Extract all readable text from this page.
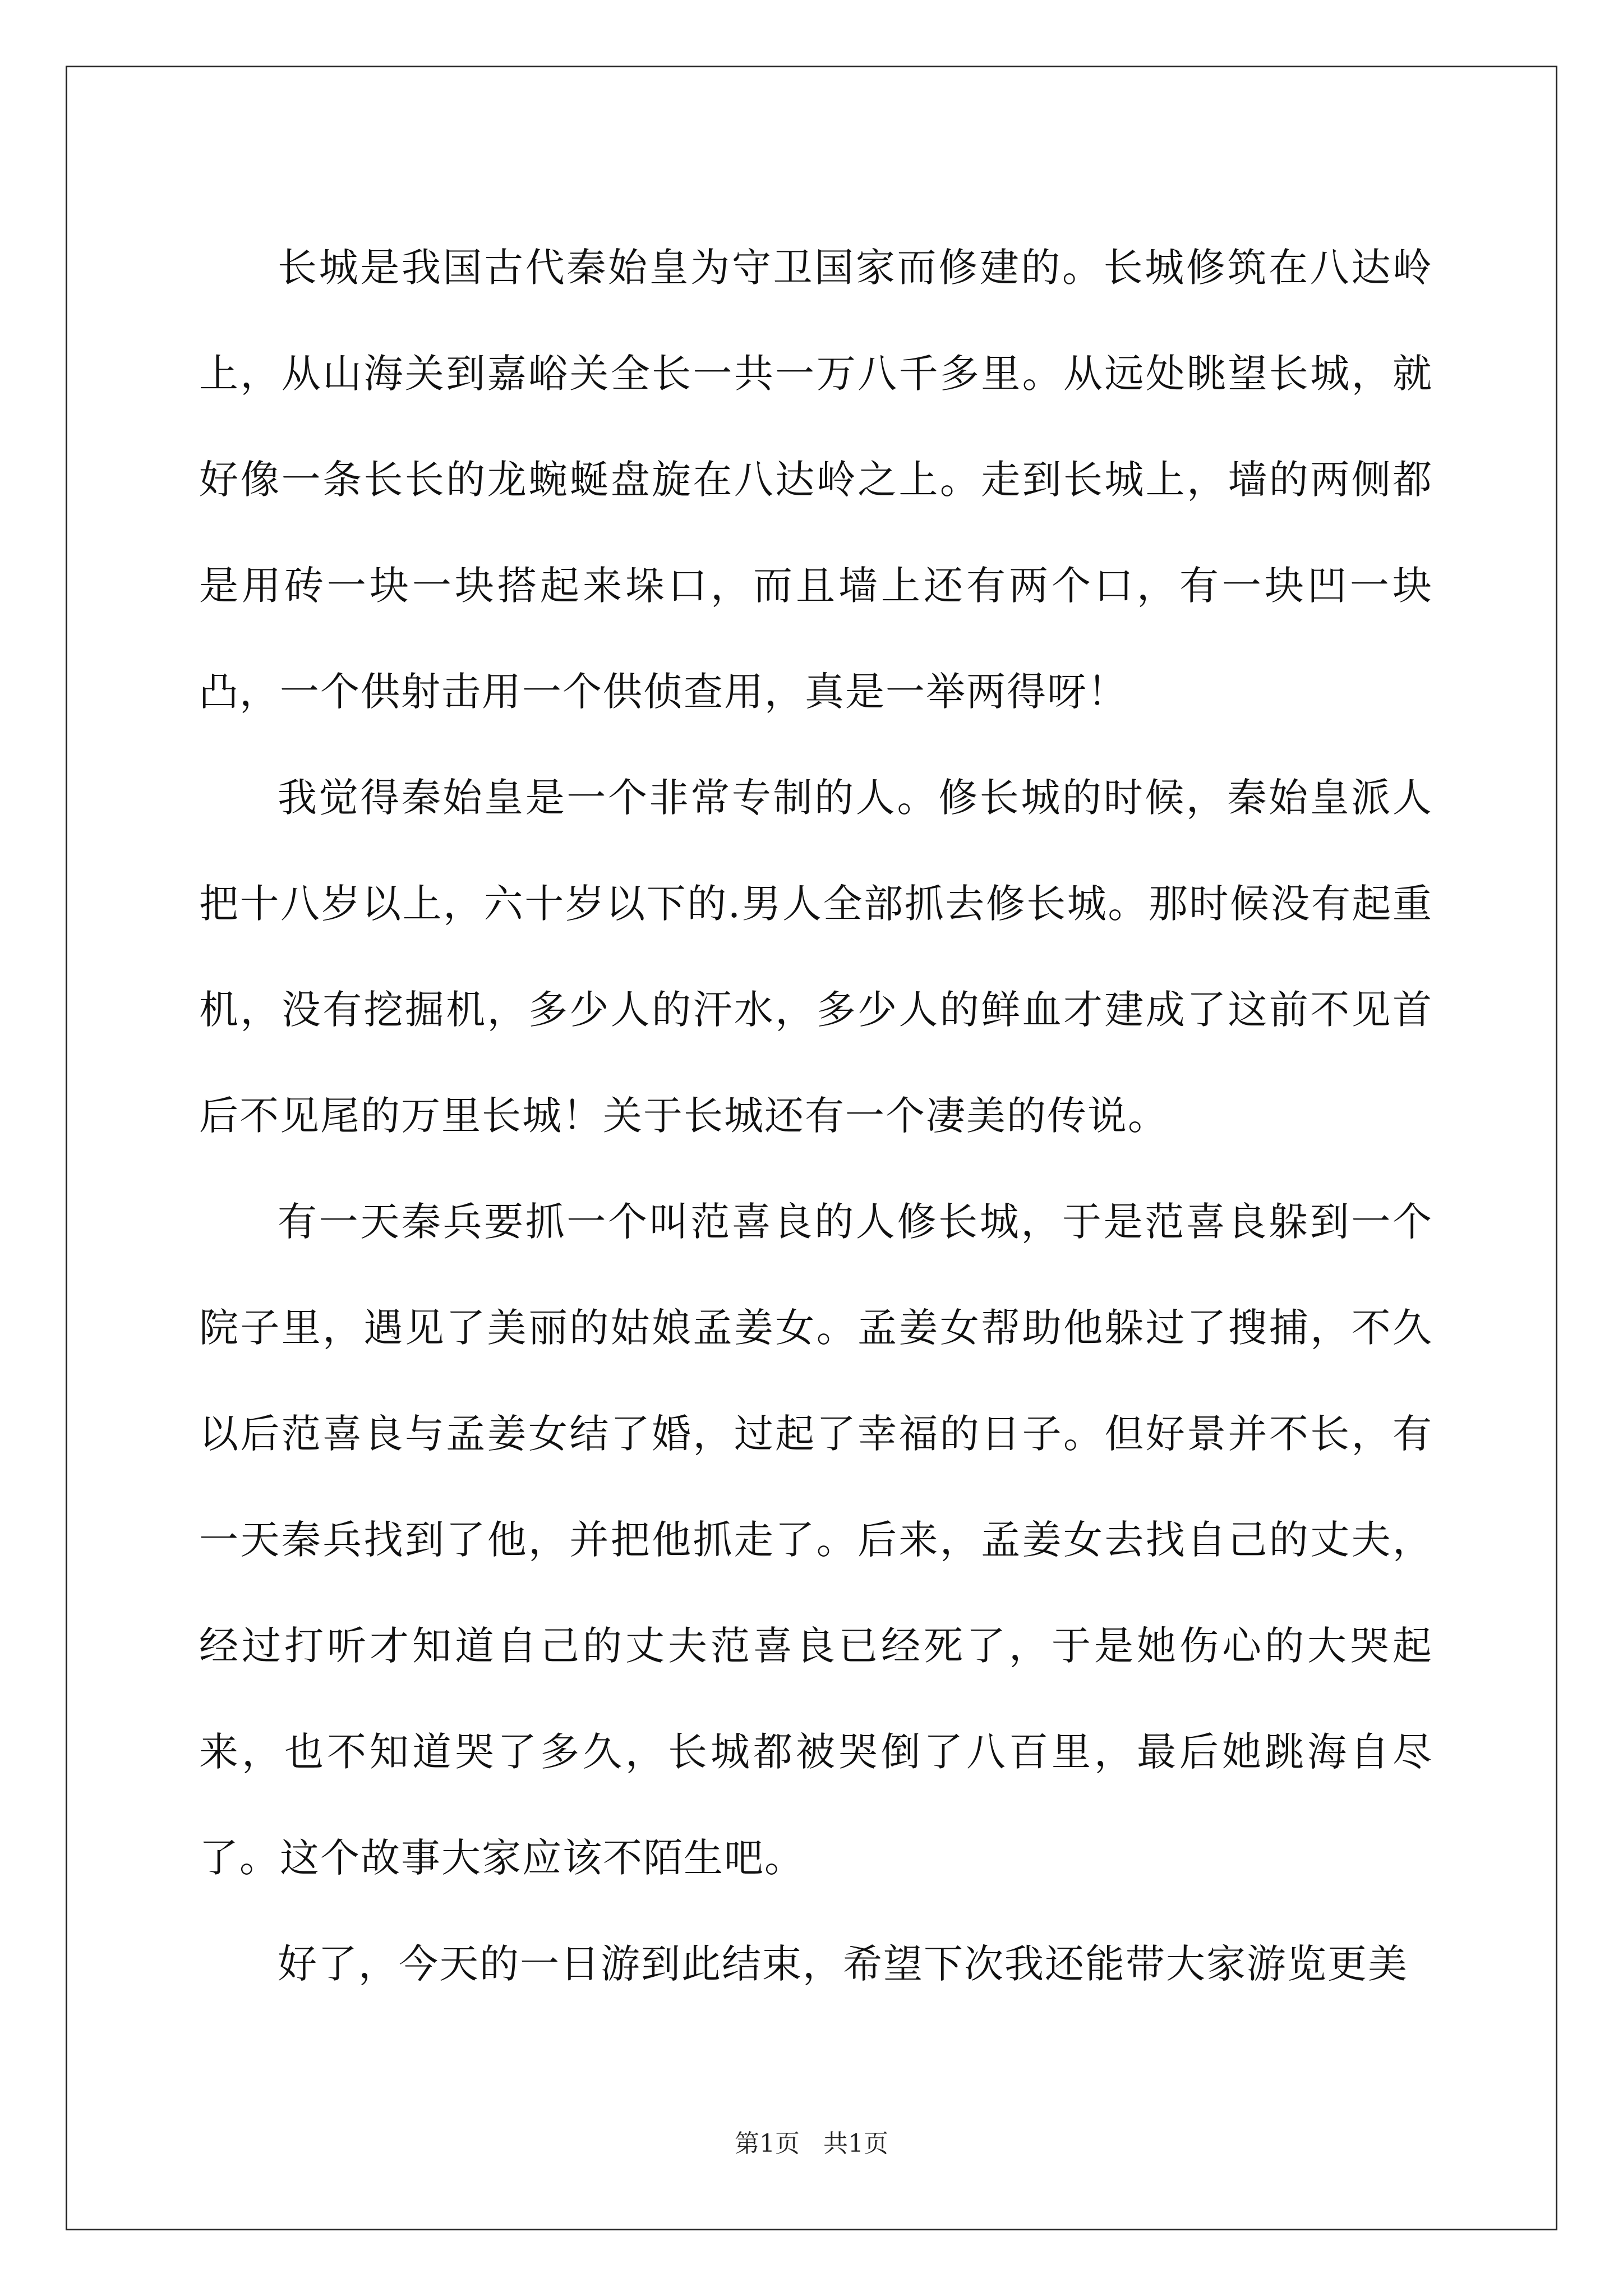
长城是我国古代秦始皇为守卫国家而修建的。长城修筑在八达岭上，从山海关到嘉峪关全长一共一万八千多里。从远处眺望长城，就好像一条长长的龙蜿蜒盘旋在八达岭之上。走到长城上，墙的两侧都是用砖一块一块搭起来垛口，而且墙上还有两个口，有一块凹一块凸，一个供射击用一个供侦查用，真是一举两得呀！

我觉得秦始皇是一个非常专制的人。修长城的时候，秦始皇派人把十八岁以上，六十岁以下的.男人全部抓去修长城。那时候没有起重机，没有挖掘机，多少人的汗水，多少人的鲜血才建成了这前不见首后不见尾的万里长城！关于长城还有一个凄美的传说。

有一天秦兵要抓一个叫范喜良的人修长城，于是范喜良躲到一个院子里，遇见了美丽的姑娘孟姜女。孟姜女帮助他躲过了搜捕，不久以后范喜良与孟姜女结了婚，过起了幸福的日子。但好景并不长，有一天秦兵找到了他，并把他抓走了。后来，孟姜女去找自己的丈夫，经过打听才知道自己的丈夫范喜良已经死了，于是她伤心的大哭起来，也不知道哭了多久，长城都被哭倒了八百里，最后她跳海自尽了。这个故事大家应该不陌生吧。

好了，今天的一日游到此结束，希望下次我还能带大家游览更美

第1页   共1页
